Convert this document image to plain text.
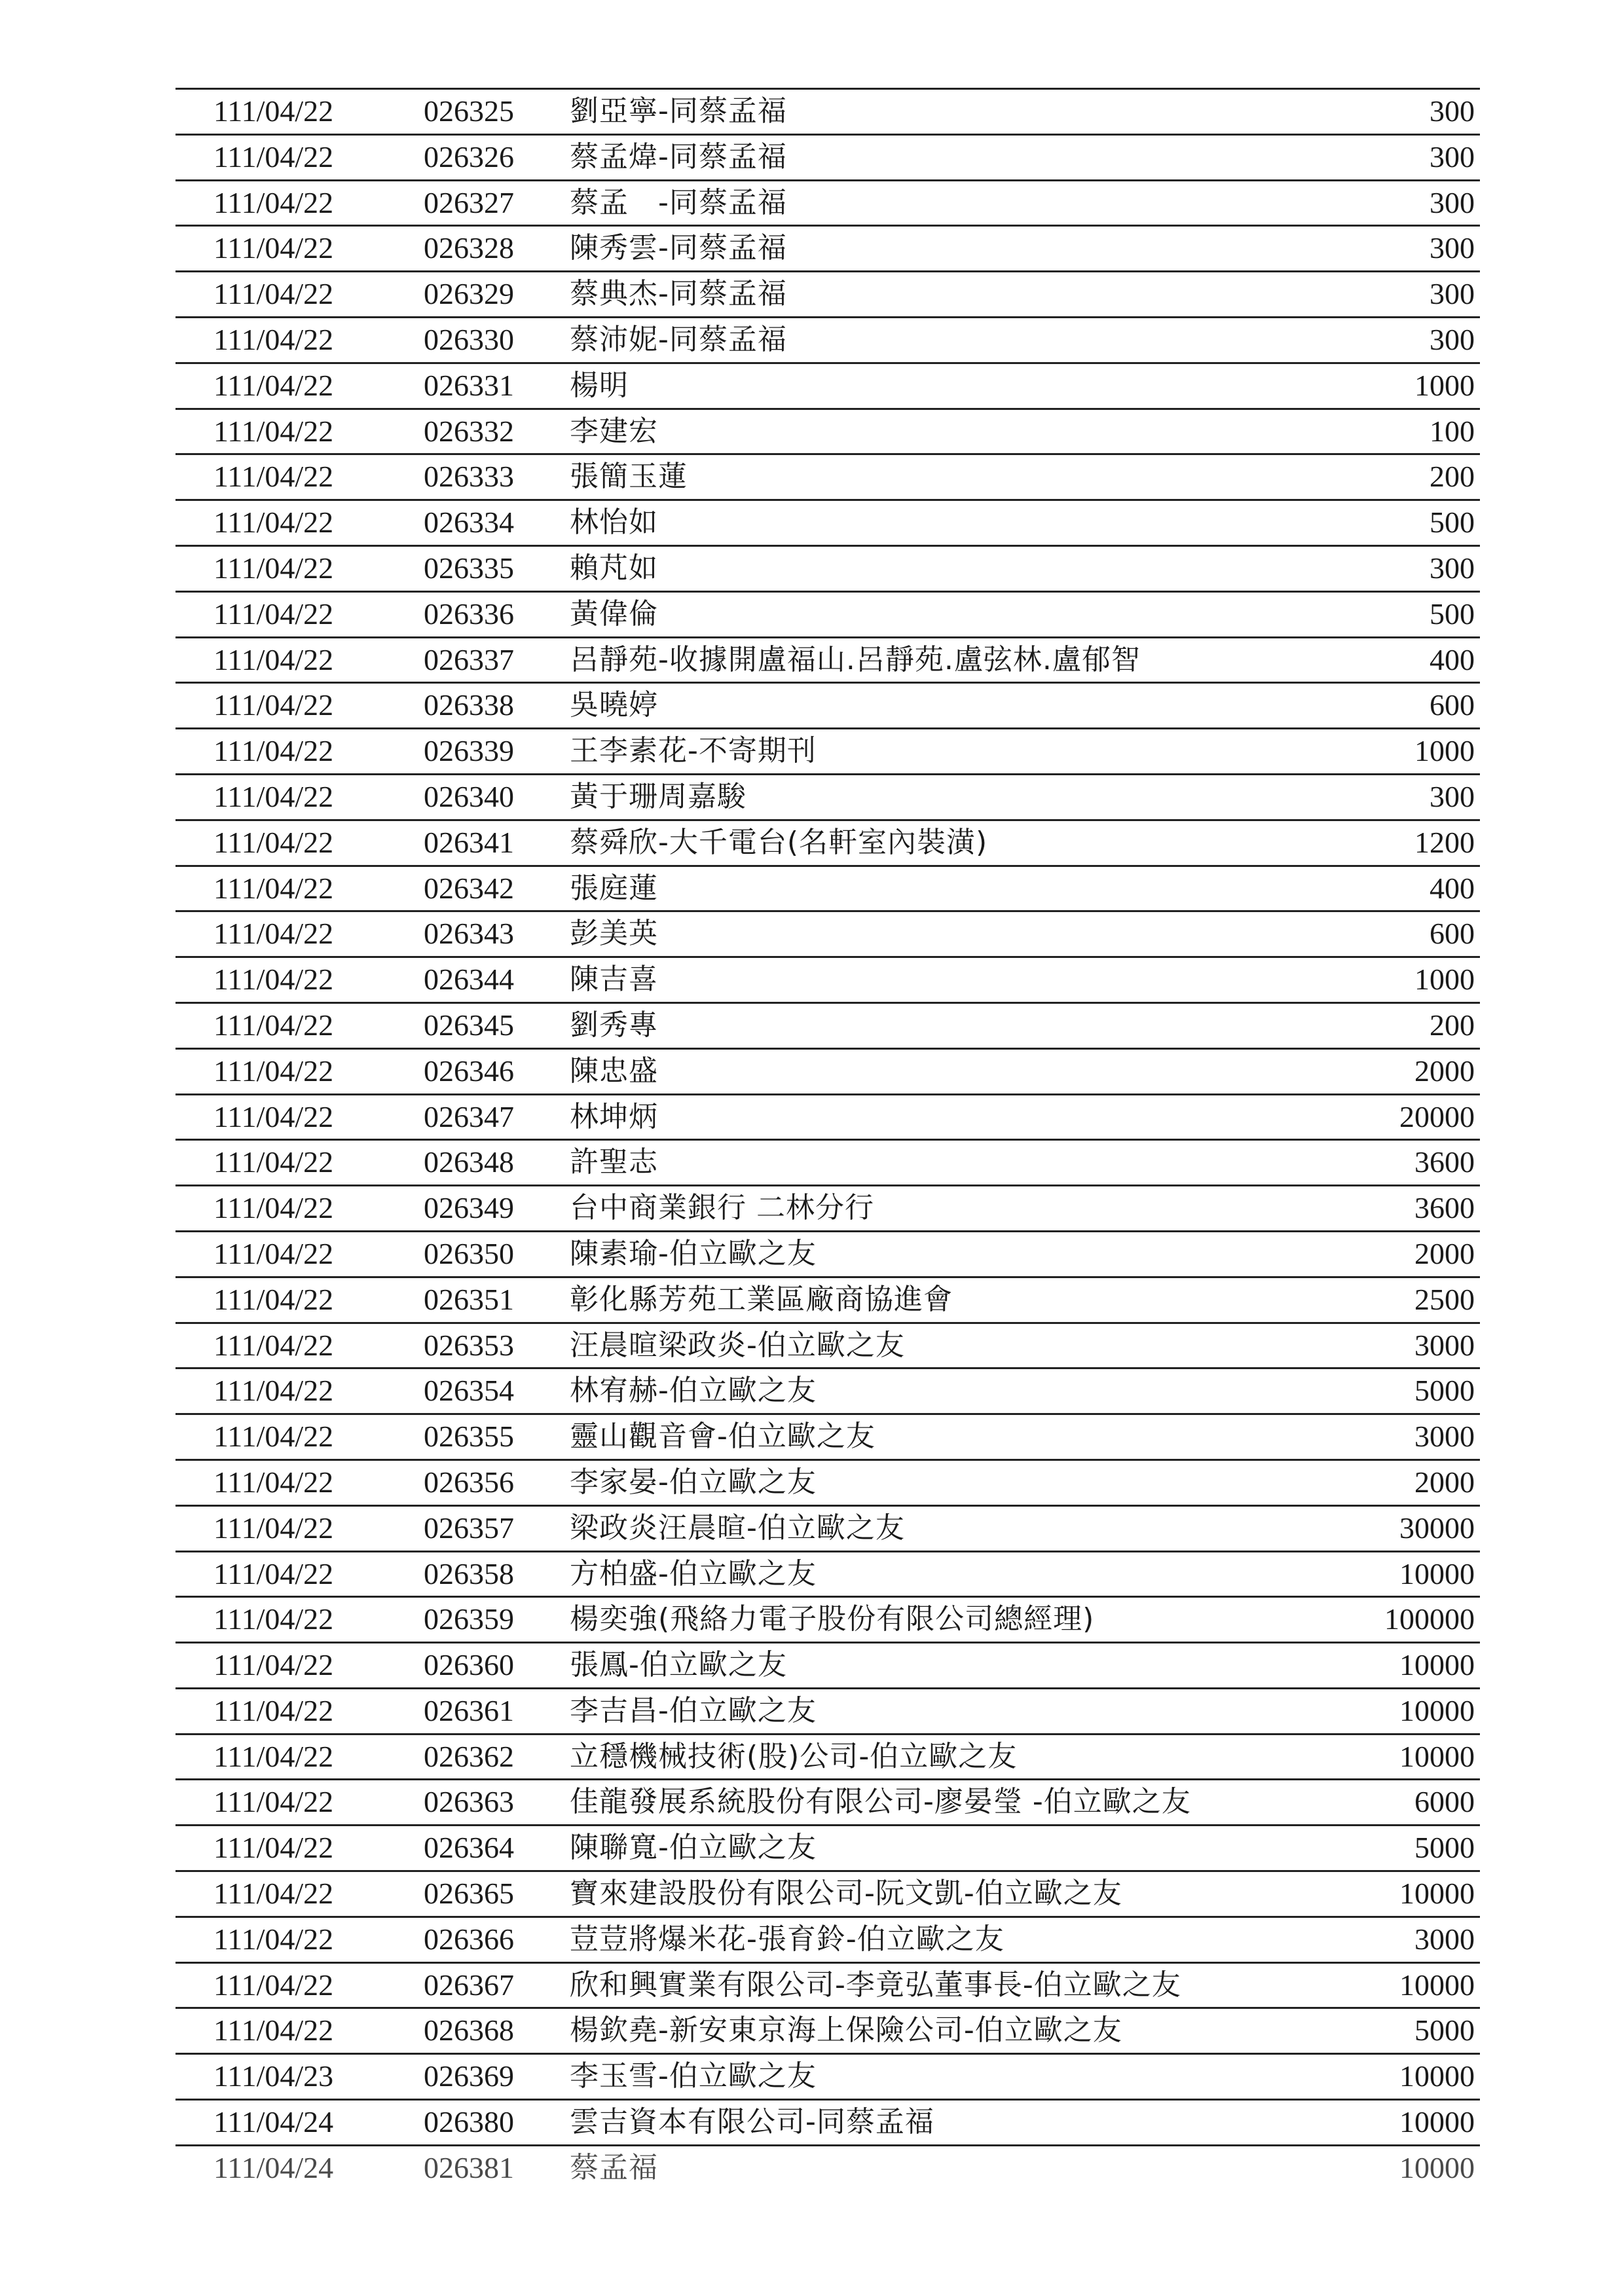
111/04/22	026325 劉亞寧-同蔡孟福	300
111/04/22	026326 蔡孟煒-同蔡孟福	300
111/04/22	026327 蔡孟　-同蔡孟福	300
111/04/22	026328 陳秀雲-同蔡孟福	300
111/04/22	026329 蔡典杰-同蔡孟福	300
111/04/22	026330 蔡沛妮-同蔡孟福	300
111/04/22	026331 楊明	1000
111/04/22	026332 李建宏	100
111/04/22	026333 張簡玉蓮	200
111/04/22	026334 林怡如	500
111/04/22	026335 賴芃如	300
111/04/22	026336 黃偉倫	500
111/04/22	026337 呂靜苑-收據開盧福山.呂靜苑.盧弦林.盧郁智	400
111/04/22	026338 吳曉婷	600
111/04/22	026339 王李素花-不寄期刊	1000
111/04/22	026340 黃于珊周嘉駿	300
111/04/22	026341 蔡舜欣-大千電台(名軒室內裝潢)	1200
111/04/22	026342 張庭蓮	400
111/04/22	026343 彭美英	600
111/04/22	026344 陳吉喜	1000
111/04/22	026345 劉秀專	200
111/04/22	026346 陳忠盛	2000
111/04/22	026347 林坤炳	20000
111/04/22	026348 許聖志	3600
111/04/22	026349 台中商業銀行 二林分行	3600
111/04/22	026350 陳素瑜-伯立歐之友	2000
111/04/22	026351 彰化縣芳苑工業區廠商協進會	2500
111/04/22	026353 汪晨暄梁政炎-伯立歐之友	3000
111/04/22	026354 林宥赫-伯立歐之友	5000
111/04/22	026355 靈山觀音會-伯立歐之友	3000
111/04/22	026356 李家晏-伯立歐之友	2000
111/04/22	026357 梁政炎汪晨暄-伯立歐之友	30000
111/04/22	026358 方柏盛-伯立歐之友	10000
111/04/22	026359 楊奕強(飛絡力電子股份有限公司總經理)	100000
111/04/22	026360 張鳳-伯立歐之友	10000
111/04/22	026361 李吉昌-伯立歐之友	10000
111/04/22	026362 立穩機械技術(股)公司-伯立歐之友	10000
111/04/22	026363 佳龍發展系統股份有限公司-廖晏瑩 -伯立歐之友	6000
111/04/22	026364 陳聯寬-伯立歐之友	5000
111/04/22	026365 寶來建設股份有限公司-阮文凱-伯立歐之友	10000
111/04/22	026366 荳荳將爆米花-張育鈴-伯立歐之友	3000
111/04/22	026367 欣和興實業有限公司-李竟弘董事長-伯立歐之友	10000
111/04/22	026368 楊欽堯-新安東京海上保險公司-伯立歐之友	5000
111/04/23	026369 李玉雪-伯立歐之友	10000
111/04/24	026380 雲吉資本有限公司-同蔡孟福	10000
111/04/24	026381 蔡孟福	10000
